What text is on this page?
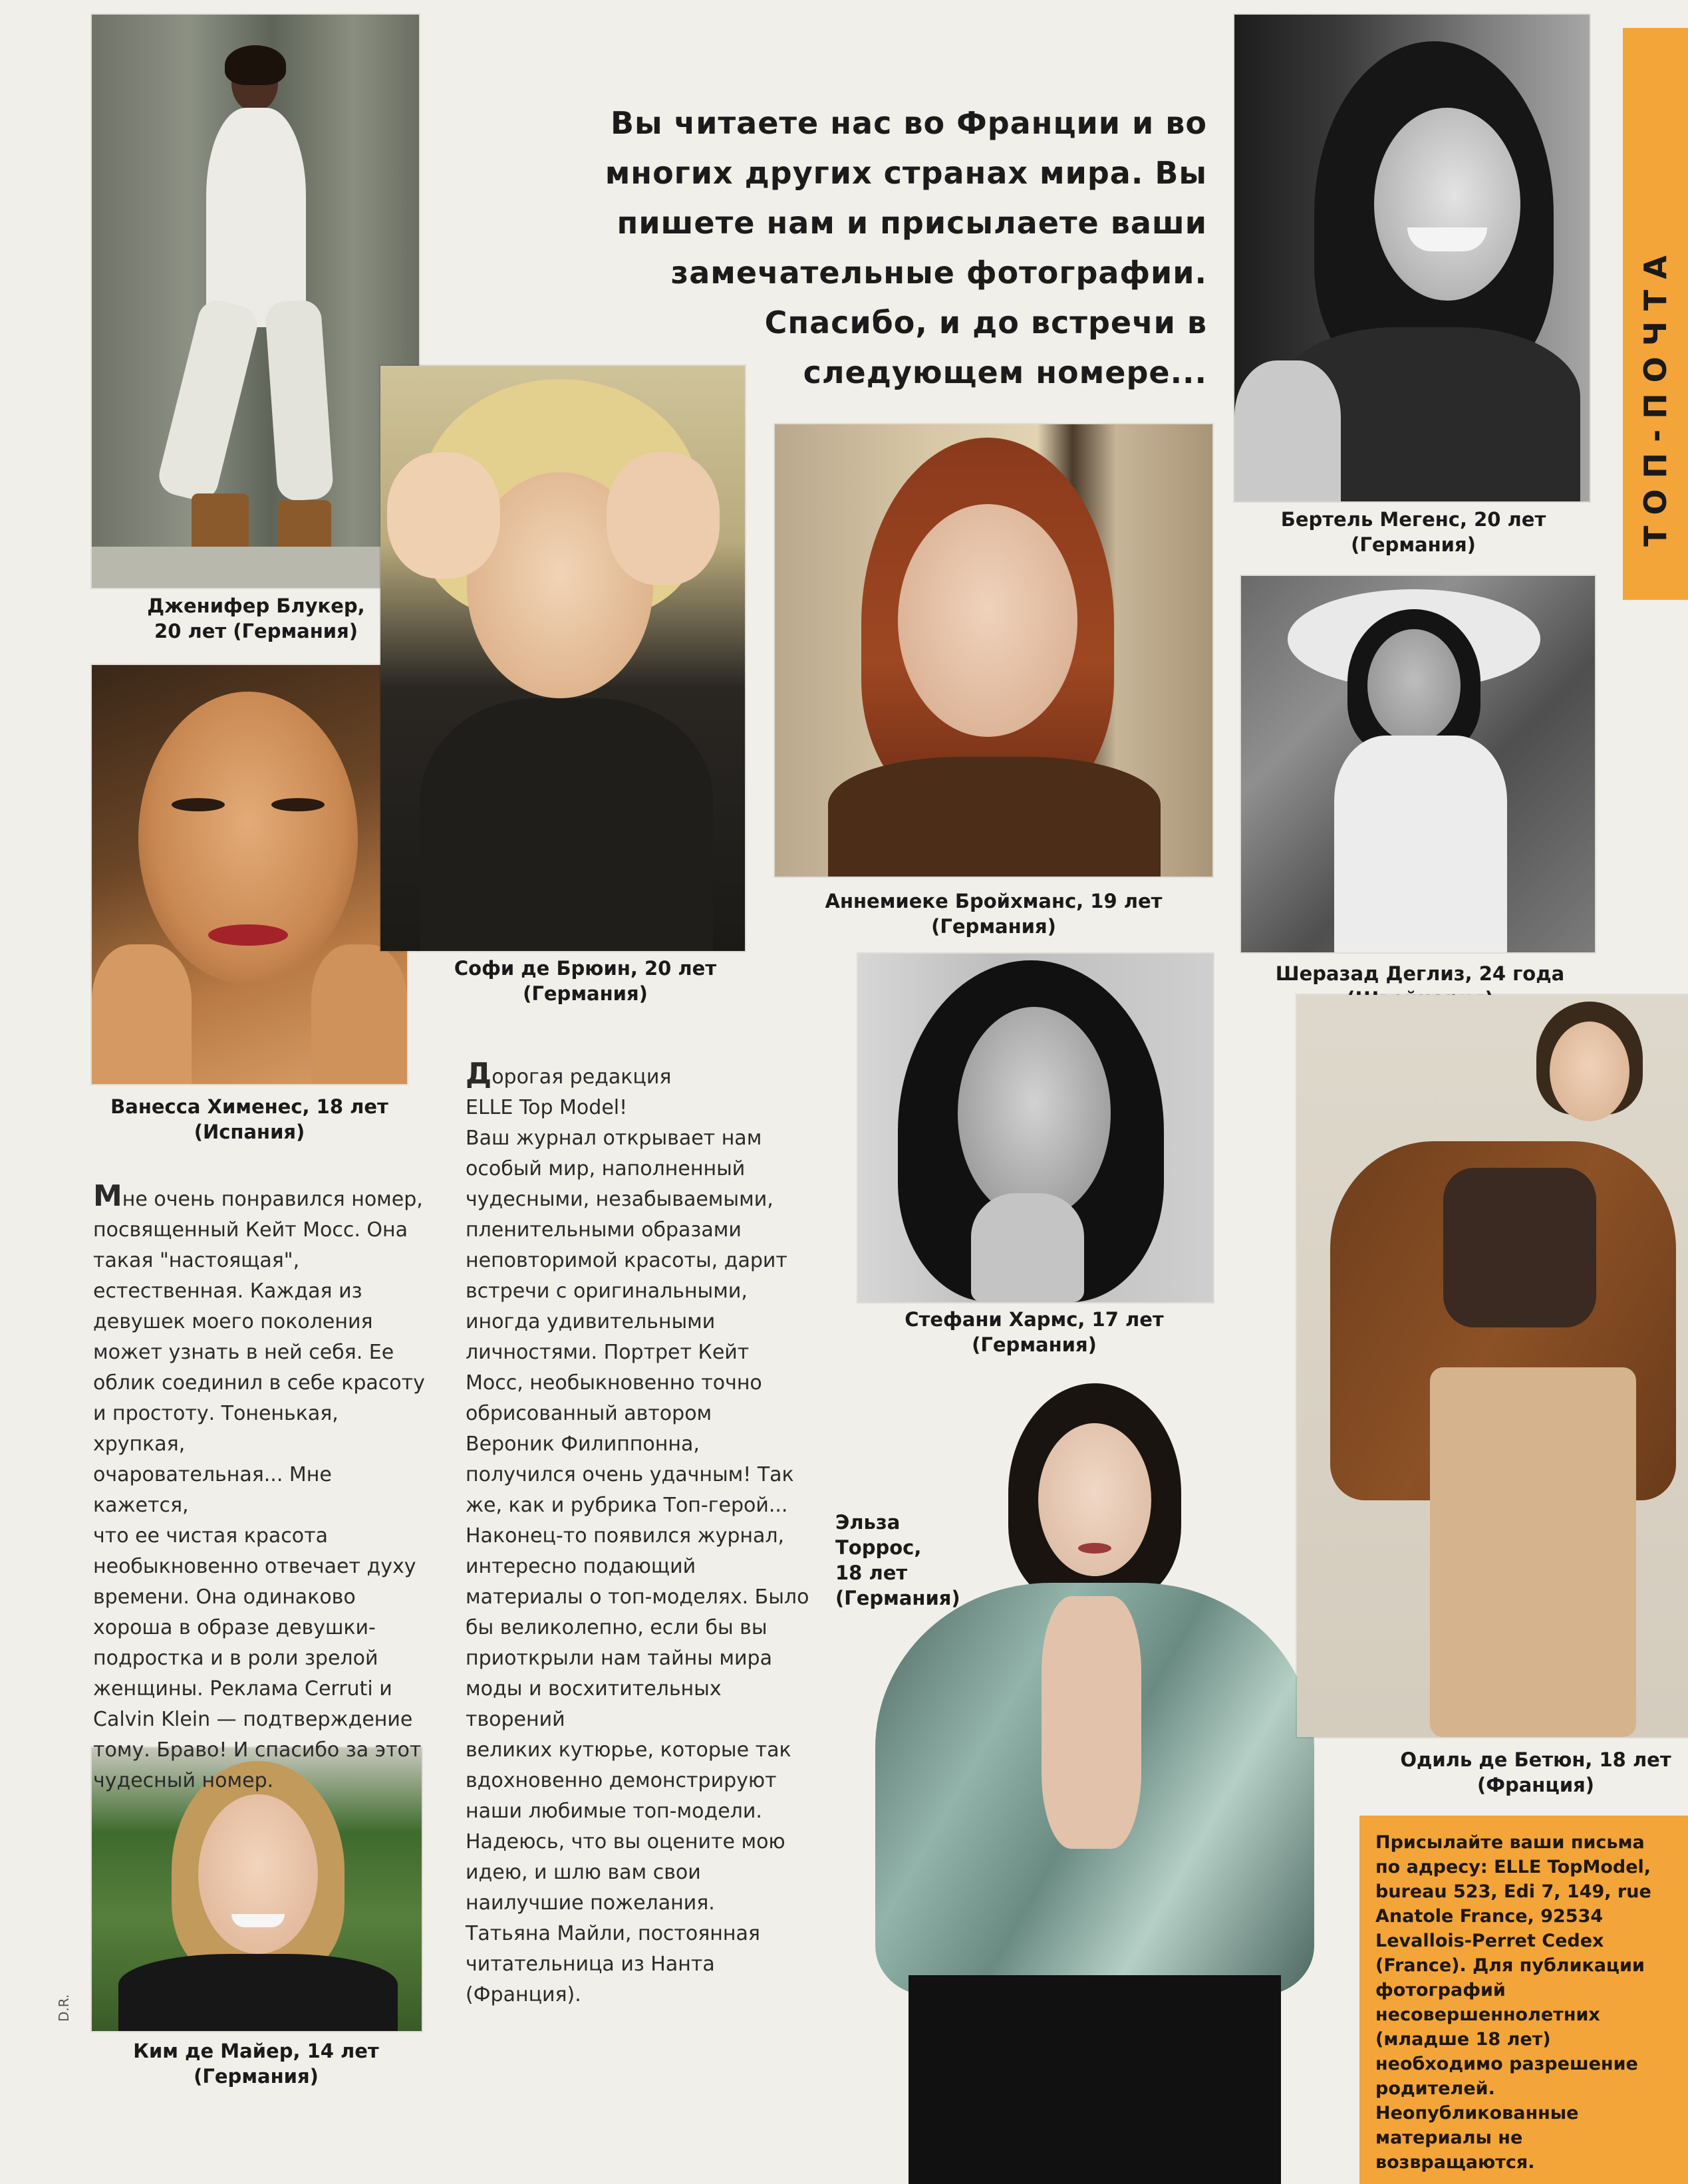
ТОП-ПОЧТА
Вы читаете нас во Франции и во
многих других странах мира. Вы
пишете нам и присылаете ваши
замечательные фотографии.
Спасибо, и до встречи в
следующем номере...
Дженифер Блукер,
20 лет (Германия)
Ванесса Хименес, 18 лет
(Испания)
Софи де Брюин, 20 лет
(Германия)
Аннемиеке Бройхманс, 19 лет
(Германия)
Бертель Мегенс, 20 лет
(Германия)
Шеразад Деглиз, 24 года
Стефани Хармс, 17 лет
(Германия)
Эльза
Торрос,
18 лет
(Германия)
Одиль де Бетюн, 18 лет
(Франция)
Ким де Майер, 14 лет
(Германия)
Мне очень понравился номер,
посвященный Кейт Мосс. Она
такая "настоящая",
естественная. Каждая из
девушек моего поколения
может узнать в ней себя. Ее
облик соединил в себе красоту
и простоту. Тоненькая, хрупкая,
очаровательная... Мне кажется,
что ее чистая красота
необыкновенно отвечает духу
времени. Она одинаково
хороша в образе девушки-
подростка и в роли зрелой
женщины. Реклама Cerruti и
Calvin Klein — подтверждение
тому. Браво! И спасибо за этот
чудесный номер.
Дорогая редакция
ELLE Top Model!
Ваш журнал открывает нам
особый мир, наполненный
чудесными, незабываемыми,
пленительными образами
неповторимой красоты, дарит
встречи с оригинальными,
иногда удивительными
личностями. Портрет Кейт
Мосс, необыкновенно точно
обрисованный автором
Вероник Филиппонна,
получился очень удачным! Так
же, как и рубрика Топ-герой...
Наконец-то появился журнал,
интересно подающий
материалы о топ-моделях. Было
бы великолепно, если бы вы
приоткрыли нам тайны мира
моды и восхитительных творений
великих кутюрье, которые так
вдохновенно демонстрируют
наши любимые топ-модели.
Надеюсь, что вы оцените мою
идею, и шлю вам свои
наилучшие пожелания.
Татьяна Майли, постоянная
читательница из Нанта
(Франция).
Присылайте ваши письма по адресу: ELLE TopModel, bureau 523, Edi 7, 149, rue Anatole France, 92534 Levallois-Perret Cedex (France). Для публикации фотографий несовершеннолетних (младше 18 лет) необходимо разрешение родителей. Неопубликованные материалы не возвращаются.
D.R.
